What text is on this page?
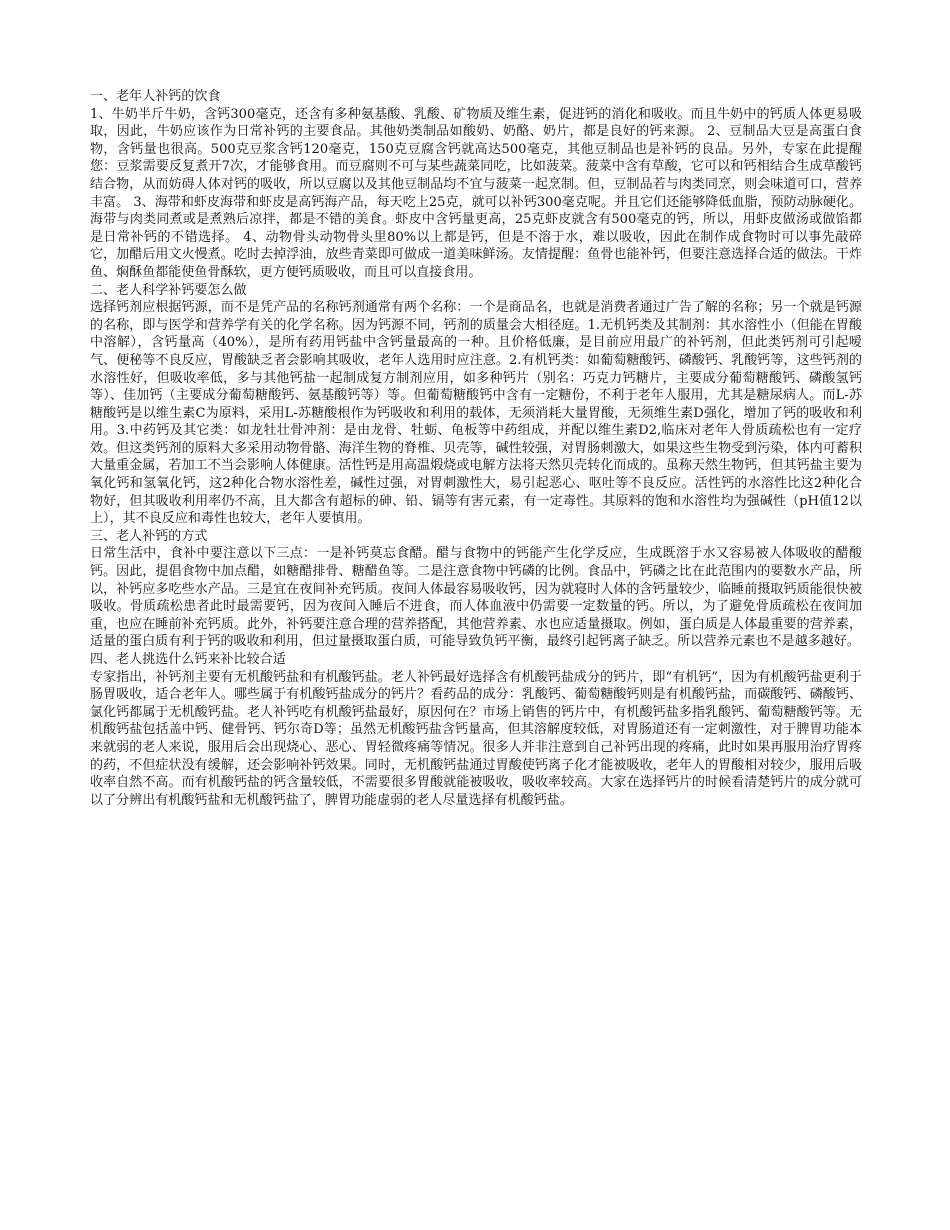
一、老年人补钙的饮食

1、牛奶半斤牛奶，含钙300毫克，还含有多种氨基酸、乳酸、矿物质及维生素，促进钙的消化和吸收。而且牛奶中的钙质人体更易吸取，因此，牛奶应该作为日常补钙的主要食品。其他奶类制品如酸奶、奶酪、奶片，都是良好的钙来源。 2、豆制品大豆是高蛋白食物，含钙量也很高。500克豆浆含钙120毫克，150克豆腐含钙就高达500毫克，其他豆制品也是补钙的良品。另外，专家在此提醒您：豆浆需要反复煮开7次，才能够食用。而豆腐则不可与某些蔬菜同吃，比如菠菜。菠菜中含有草酸，它可以和钙相结合生成草酸钙结合物，从而妨碍人体对钙的吸收，所以豆腐以及其他豆制品均不宜与菠菜一起烹制。但，豆制品若与肉类同烹，则会味道可口，营养丰富。 3、海带和虾皮海带和虾皮是高钙海产品，每天吃上25克，就可以补钙300毫克呢。并且它们还能够降低血脂，预防动脉硬化。海带与肉类同煮或是煮熟后凉拌，都是不错的美食。虾皮中含钙量更高，25克虾皮就含有500毫克的钙，所以，用虾皮做汤或做馅都是日常补钙的不错选择。 4、动物骨头动物骨头里80%以上都是钙，但是不溶于水，难以吸收，因此在制作成食物时可以事先敲碎它，加醋后用文火慢煮。吃时去掉浮油，放些青菜即可做成一道美味鲜汤。友情提醒：鱼骨也能补钙，但要注意选择合适的做法。干炸鱼、焖酥鱼都能使鱼骨酥软，更方便钙质吸收，而且可以直接食用。

二、老人科学补钙要怎么做

选择钙剂应根据钙源，而不是凭产品的名称钙剂通常有两个名称：一个是商品名，也就是消费者通过广告了解的名称；另一个就是钙源的名称，即与医学和营养学有关的化学名称。因为钙源不同，钙剂的质量会大相径庭。1.无机钙类及其制剂：其水溶性小（但能在胃酸中溶解），含钙量高（40%），是所有药用钙盐中含钙量最高的一种。且价格低廉，是目前应用最广的补钙剂，但此类钙剂可引起嗳气、便秘等不良反应，胃酸缺乏者会影响其吸收，老年人选用时应注意。2.有机钙类：如葡萄糖酸钙、磷酸钙、乳酸钙等，这些钙剂的水溶性好，但吸收率低，多与其他钙盐一起制成复方制剂应用，如多种钙片（别名：巧克力钙糖片，主要成分葡萄糖酸钙、磷酸氢钙等）、佳加钙（主要成分葡萄糖酸钙、氨基酸钙等）等。但葡萄糖酸钙中含有一定糖份，不利于老年人服用，尤其是糖尿病人。而L-苏糖酸钙是以维生素C为原料，采用L-苏糖酸根作为钙吸收和利用的载体，无须消耗大量胃酸，无须维生素D强化，增加了钙的吸收和利用。3.中药钙及其它类：如龙牡壮骨冲剂：是由龙骨、牡蛎、龟板等中药组成，并配以维生素D2,临床对老年人骨质疏松也有一定疗效。但这类钙剂的原料大多采用动物骨骼、海洋生物的脊椎、贝壳等，碱性较强，对胃肠刺激大，如果这些生物受到污染，体内可蓄积大量重金属，若加工不当会影响人体健康。活性钙是用高温煅烧或电解方法将天然贝壳转化而成的。虽称天然生物钙，但其钙盐主要为氧化钙和氢氧化钙，这2种化合物水溶性差，碱性过强，对胃刺激性大，易引起恶心、呕吐等不良反应。活性钙的水溶性比这2种化合物好，但其吸收利用率仍不高，且大都含有超标的砷、铅、镉等有害元素，有一定毒性。其原料的饱和水溶性均为强碱性（pH值12以上），其不良反应和毒性也较大，老年人要慎用。

三、老人补钙的方式

日常生活中，食补中要注意以下三点：一是补钙莫忘食醋。醋与食物中的钙能产生化学反应，生成既溶于水又容易被人体吸收的醋酸钙。因此，提倡食物中加点醋，如糖醋排骨、糖醋鱼等。二是注意食物中钙磷的比例。食品中，钙磷之比在此范围内的要数水产品，所以，补钙应多吃些水产品。三是宜在夜间补充钙质。夜间人体最容易吸收钙，因为就寝时人体的含钙量较少，临睡前摄取钙质能很快被吸收。骨质疏松患者此时最需要钙，因为夜间入睡后不进食，而人体血液中仍需要一定数量的钙。所以，为了避免骨质疏松在夜间加重，也应在睡前补充钙质。此外，补钙要注意合理的营养搭配，其他营养素、水也应适量摄取。例如，蛋白质是人体最重要的营养素，适量的蛋白质有利于钙的吸收和利用，但过量摄取蛋白质，可能导致负钙平衡，最终引起钙离子缺乏。所以营养元素也不是越多越好。

四、老人挑选什么钙来补比较合适

专家指出，补钙剂主要有无机酸钙盐和有机酸钙盐。老人补钙最好选择含有机酸钙盐成分的钙片，即“有机钙”，因为有机酸钙盐更利于肠胃吸收，适合老年人。哪些属于有机酸钙盐成分的钙片？看药品的成分：乳酸钙、葡萄糖酸钙则是有机酸钙盐，而碳酸钙、磷酸钙、氯化钙都属于无机酸钙盐。老人补钙吃有机酸钙盐最好，原因何在？市场上销售的钙片中，有机酸钙盐多指乳酸钙、葡萄糖酸钙等。无机酸钙盐包括盖中钙、健骨钙、钙尔奇D等；虽然无机酸钙盐含钙量高，但其溶解度较低，对胃肠道还有一定刺激性，对于脾胃功能本来就弱的老人来说，服用后会出现烧心、恶心、胃轻微疼痛等情况。很多人并非注意到自己补钙出现的疼痛，此时如果再服用治疗胃疼的药，不但症状没有缓解，还会影响补钙效果。同时，无机酸钙盐通过胃酸使钙离子化才能被吸收，老年人的胃酸相对较少，服用后吸收率自然不高。而有机酸钙盐的钙含量较低，不需要很多胃酸就能被吸收，吸收率较高。大家在选择钙片的时候看清楚钙片的成分就可以了分辨出有机酸钙盐和无机酸钙盐了，脾胃功能虚弱的老人尽量选择有机酸钙盐。
